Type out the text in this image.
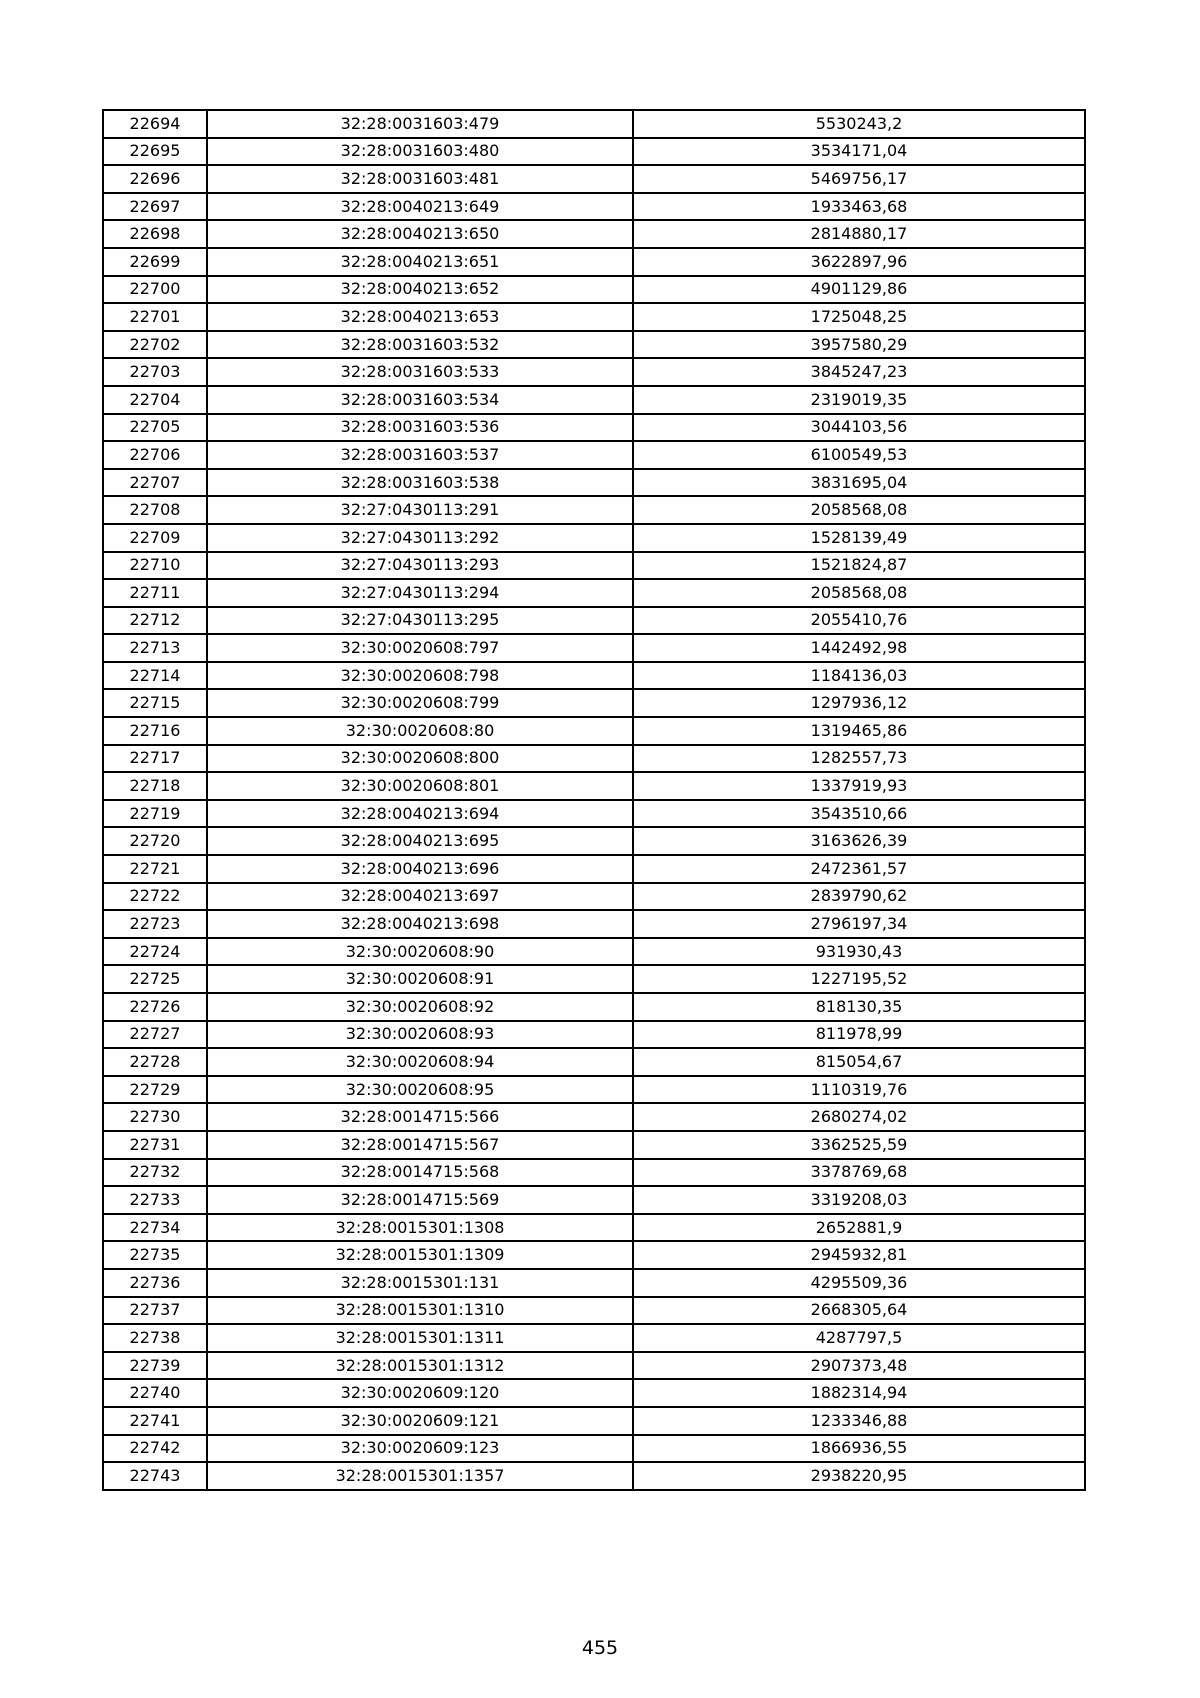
22694	32:28:0031603:479	5530243,2
22695	32:28:0031603:480	3534171,04
22696	32:28:0031603:481	5469756,17
22697	32:28:0040213:649	1933463,68
22698	32:28:0040213:650	2814880,17
22699	32:28:0040213:651	3622897,96
22700	32:28:0040213:652	4901129,86
22701	32:28:0040213:653	1725048,25
22702	32:28:0031603:532	3957580,29
22703	32:28:0031603:533	3845247,23
22704	32:28:0031603:534	2319019,35
22705	32:28:0031603:536	3044103,56
22706	32:28:0031603:537	6100549,53
22707	32:28:0031603:538	3831695,04
22708	32:27:0430113:291	2058568,08
22709	32:27:0430113:292	1528139,49
22710	32:27:0430113:293	1521824,87
22711	32:27:0430113:294	2058568,08
22712	32:27:0430113:295	2055410,76
22713	32:30:0020608:797	1442492,98
22714	32:30:0020608:798	1184136,03
22715	32:30:0020608:799	1297936,12
22716	32:30:0020608:80	1319465,86
22717	32:30:0020608:800	1282557,73
22718	32:30:0020608:801	1337919,93
22719	32:28:0040213:694	3543510,66
22720	32:28:0040213:695	3163626,39
22721	32:28:0040213:696	2472361,57
22722	32:28:0040213:697	2839790,62
22723	32:28:0040213:698	2796197,34
22724	32:30:0020608:90	931930,43
22725	32:30:0020608:91	1227195,52
22726	32:30:0020608:92	818130,35
22727	32:30:0020608:93	811978,99
22728	32:30:0020608:94	815054,67
22729	32:30:0020608:95	1110319,76
22730	32:28:0014715:566	2680274,02
22731	32:28:0014715:567	3362525,59
22732	32:28:0014715:568	3378769,68
22733	32:28:0014715:569	3319208,03
22734	32:28:0015301:1308	2652881,9
22735	32:28:0015301:1309	2945932,81
22736	32:28:0015301:131	4295509,36
22737	32:28:0015301:1310	2668305,64
22738	32:28:0015301:1311	4287797,5
22739	32:28:0015301:1312	2907373,48
22740	32:30:0020609:120	1882314,94
22741	32:30:0020609:121	1233346,88
22742	32:30:0020609:123	1866936,55
22743	32:28:0015301:1357	2938220,95
455
